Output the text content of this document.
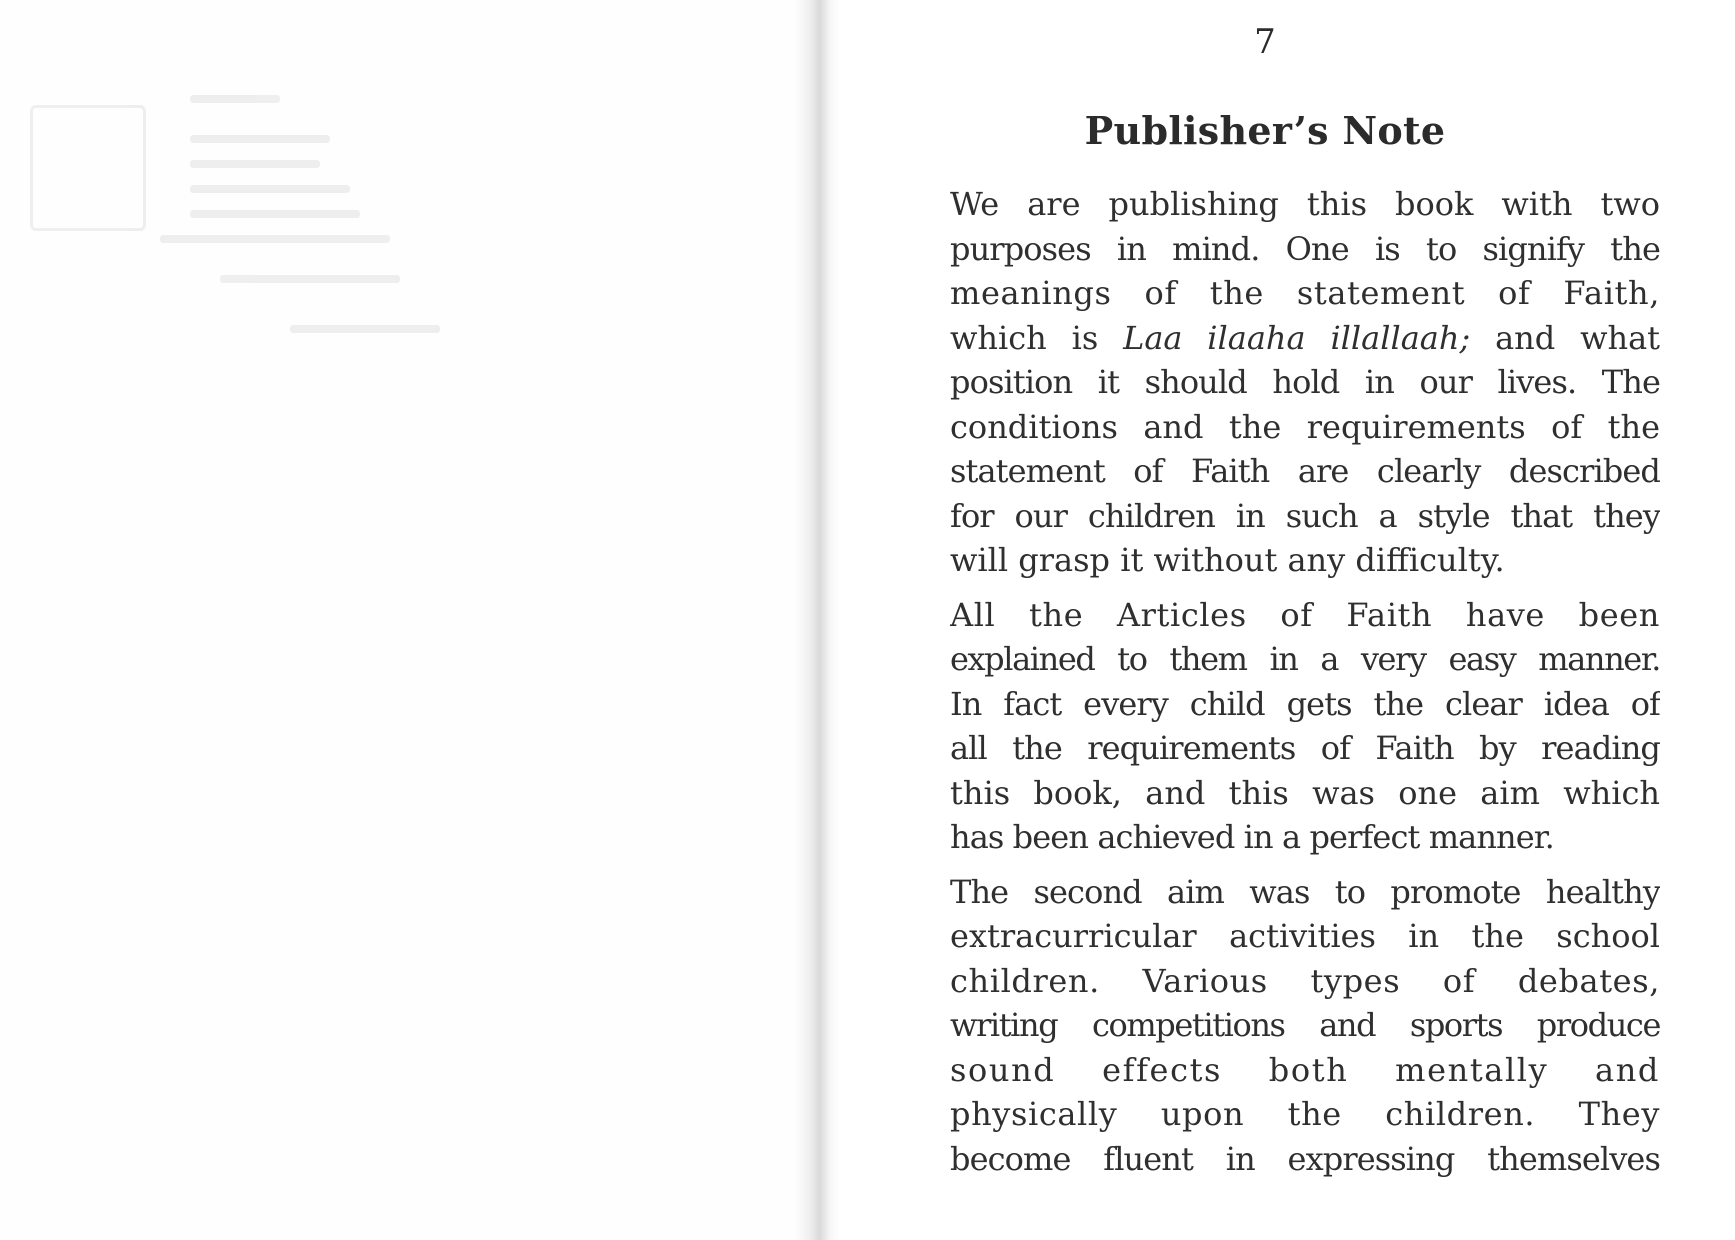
7
Publisher’s Note
We are publishing this book with two
purposes in mind. One is to signify the
meanings of the statement of Faith,
which is Laa ilaaha illallaah; and what
position it should hold in our lives. The
conditions and the requirements of the
statement of Faith are clearly described
for our children in such a style that they
will grasp it without any difficulty.
All the Articles of Faith have been
explained to them in a very easy manner.
In fact every child gets the clear idea of
all the requirements of Faith by reading
this book, and this was one aim which
has been achieved in a perfect manner.
The second aim was to promote healthy
extracurricular activities in the school
children. Various types of debates,
writing competitions and sports produce
sound effects both mentally and
physically upon the children. They
become fluent in expressing themselves
